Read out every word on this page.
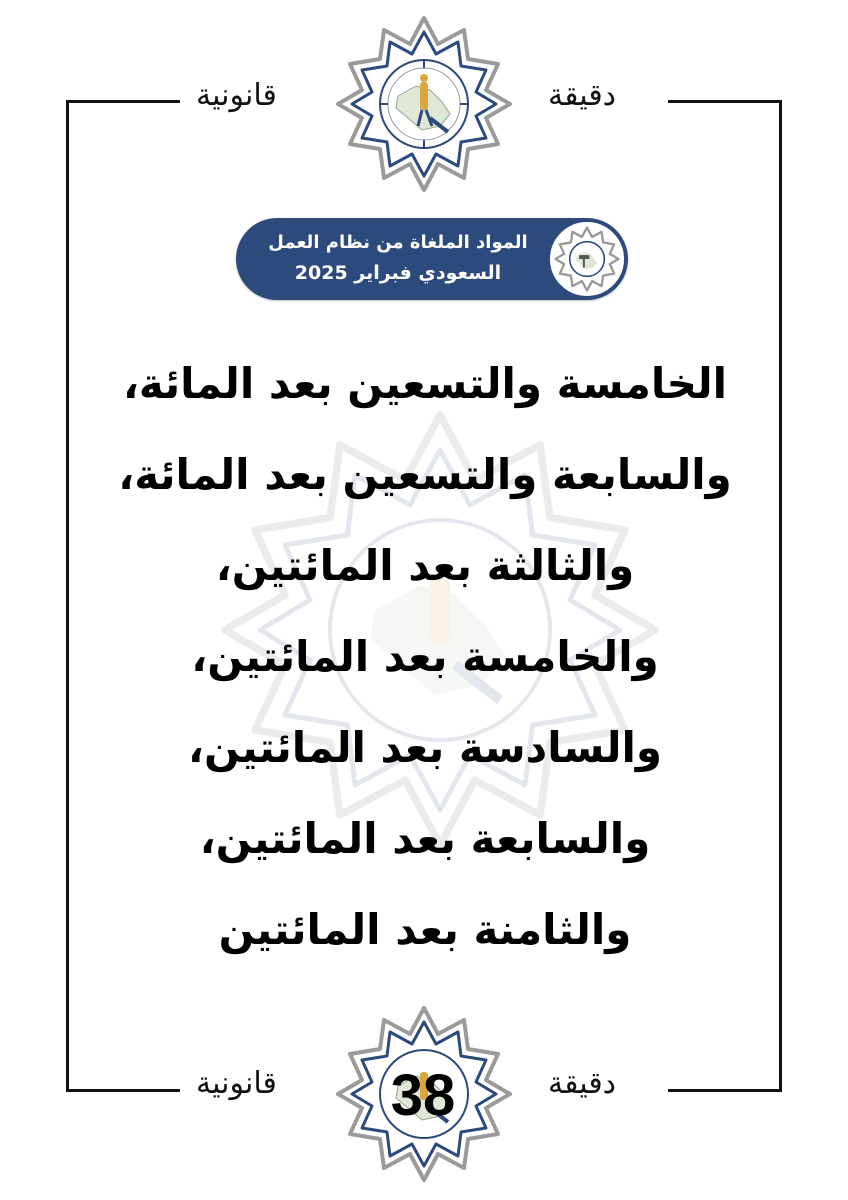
قانونية	دقيقة
قانونية	دقيقة
المواد الملغاة من نظام العمل
السعودي فبراير 2025
الخامسة والتسعين بعد المائة،
والسابعة والتسعين بعد المائة،
والثالثة بعد المائتين،
والخامسة بعد المائتين،
والسادسة بعد المائتين،
والسابعة بعد المائتين،
والثامنة بعد المائتين
38
